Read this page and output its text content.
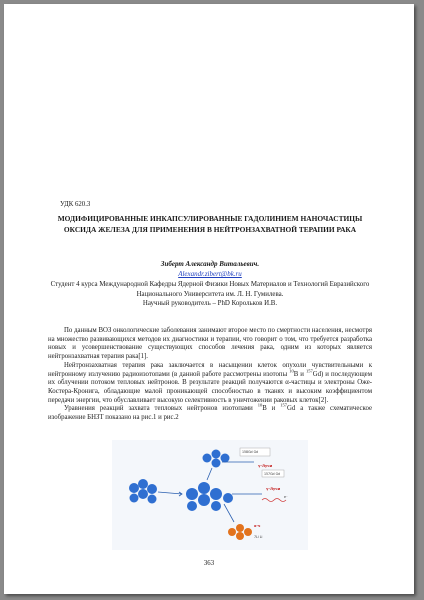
УДК 620.3
МОДИФИЦИРОВАННЫЕ ИНКАПСУЛИРОВАННЫЕ ГАДОЛИНИЕМ НАНОЧАСТИЦЫ ОКСИДА ЖЕЛЕЗА ДЛЯ ПРИМЕНЕНИЯ В НЕЙТРОНЗАХВАТНОЙ ТЕРАПИИ РАКА
Зиберт Александр Витальевич.
Alexandr.zibert@bk.ru
Студент 4 курса Международной Кафедры Ядерной Физики Новых Материалов и Технологий Евразийского Национального Университета им. Л. Н. Гумилева.
Научный руководитель – PhD Корольков И.В.

По данным ВОЗ онкологические заболевания занимают второе место по смертности населения, несмотря на множество развивающихся методов их диагностики и терапии, что говорит о том, что требуется разработка новых и усовершенствование существующих способов лечения рака, одним из которых является нейтронзахватная терапия рака[1].

Нейтронзахватная терапия рака заключается в насыщении клеток опухоли чувствительными к нейтронному излучению радиоизотопами (в данной работе рассмотрены изотопы $^{10}$B и $^{157}$Gd) и последующем их облучении потоком тепловых нейтронов. В результате реакций получаются α-частицы и электроны Оже-Костера-Кронига, обладающие малой проникающей способностью в тканях и высоким коэффициентом передачи энергии, что обуславливает высокую селективность в уничтожении раковых клеток[2].

Уравнения реакций захвата тепловых нейтронов изотопами $^{10}$B и $^{157}$Gd а также схематическое изображение БНЗТ показано на рис.1 и рис.2

158Gd Gd
157Gd Gd
γ-Лучи
γ-Лучи
e⁻
α-ч
7Li Li
363
